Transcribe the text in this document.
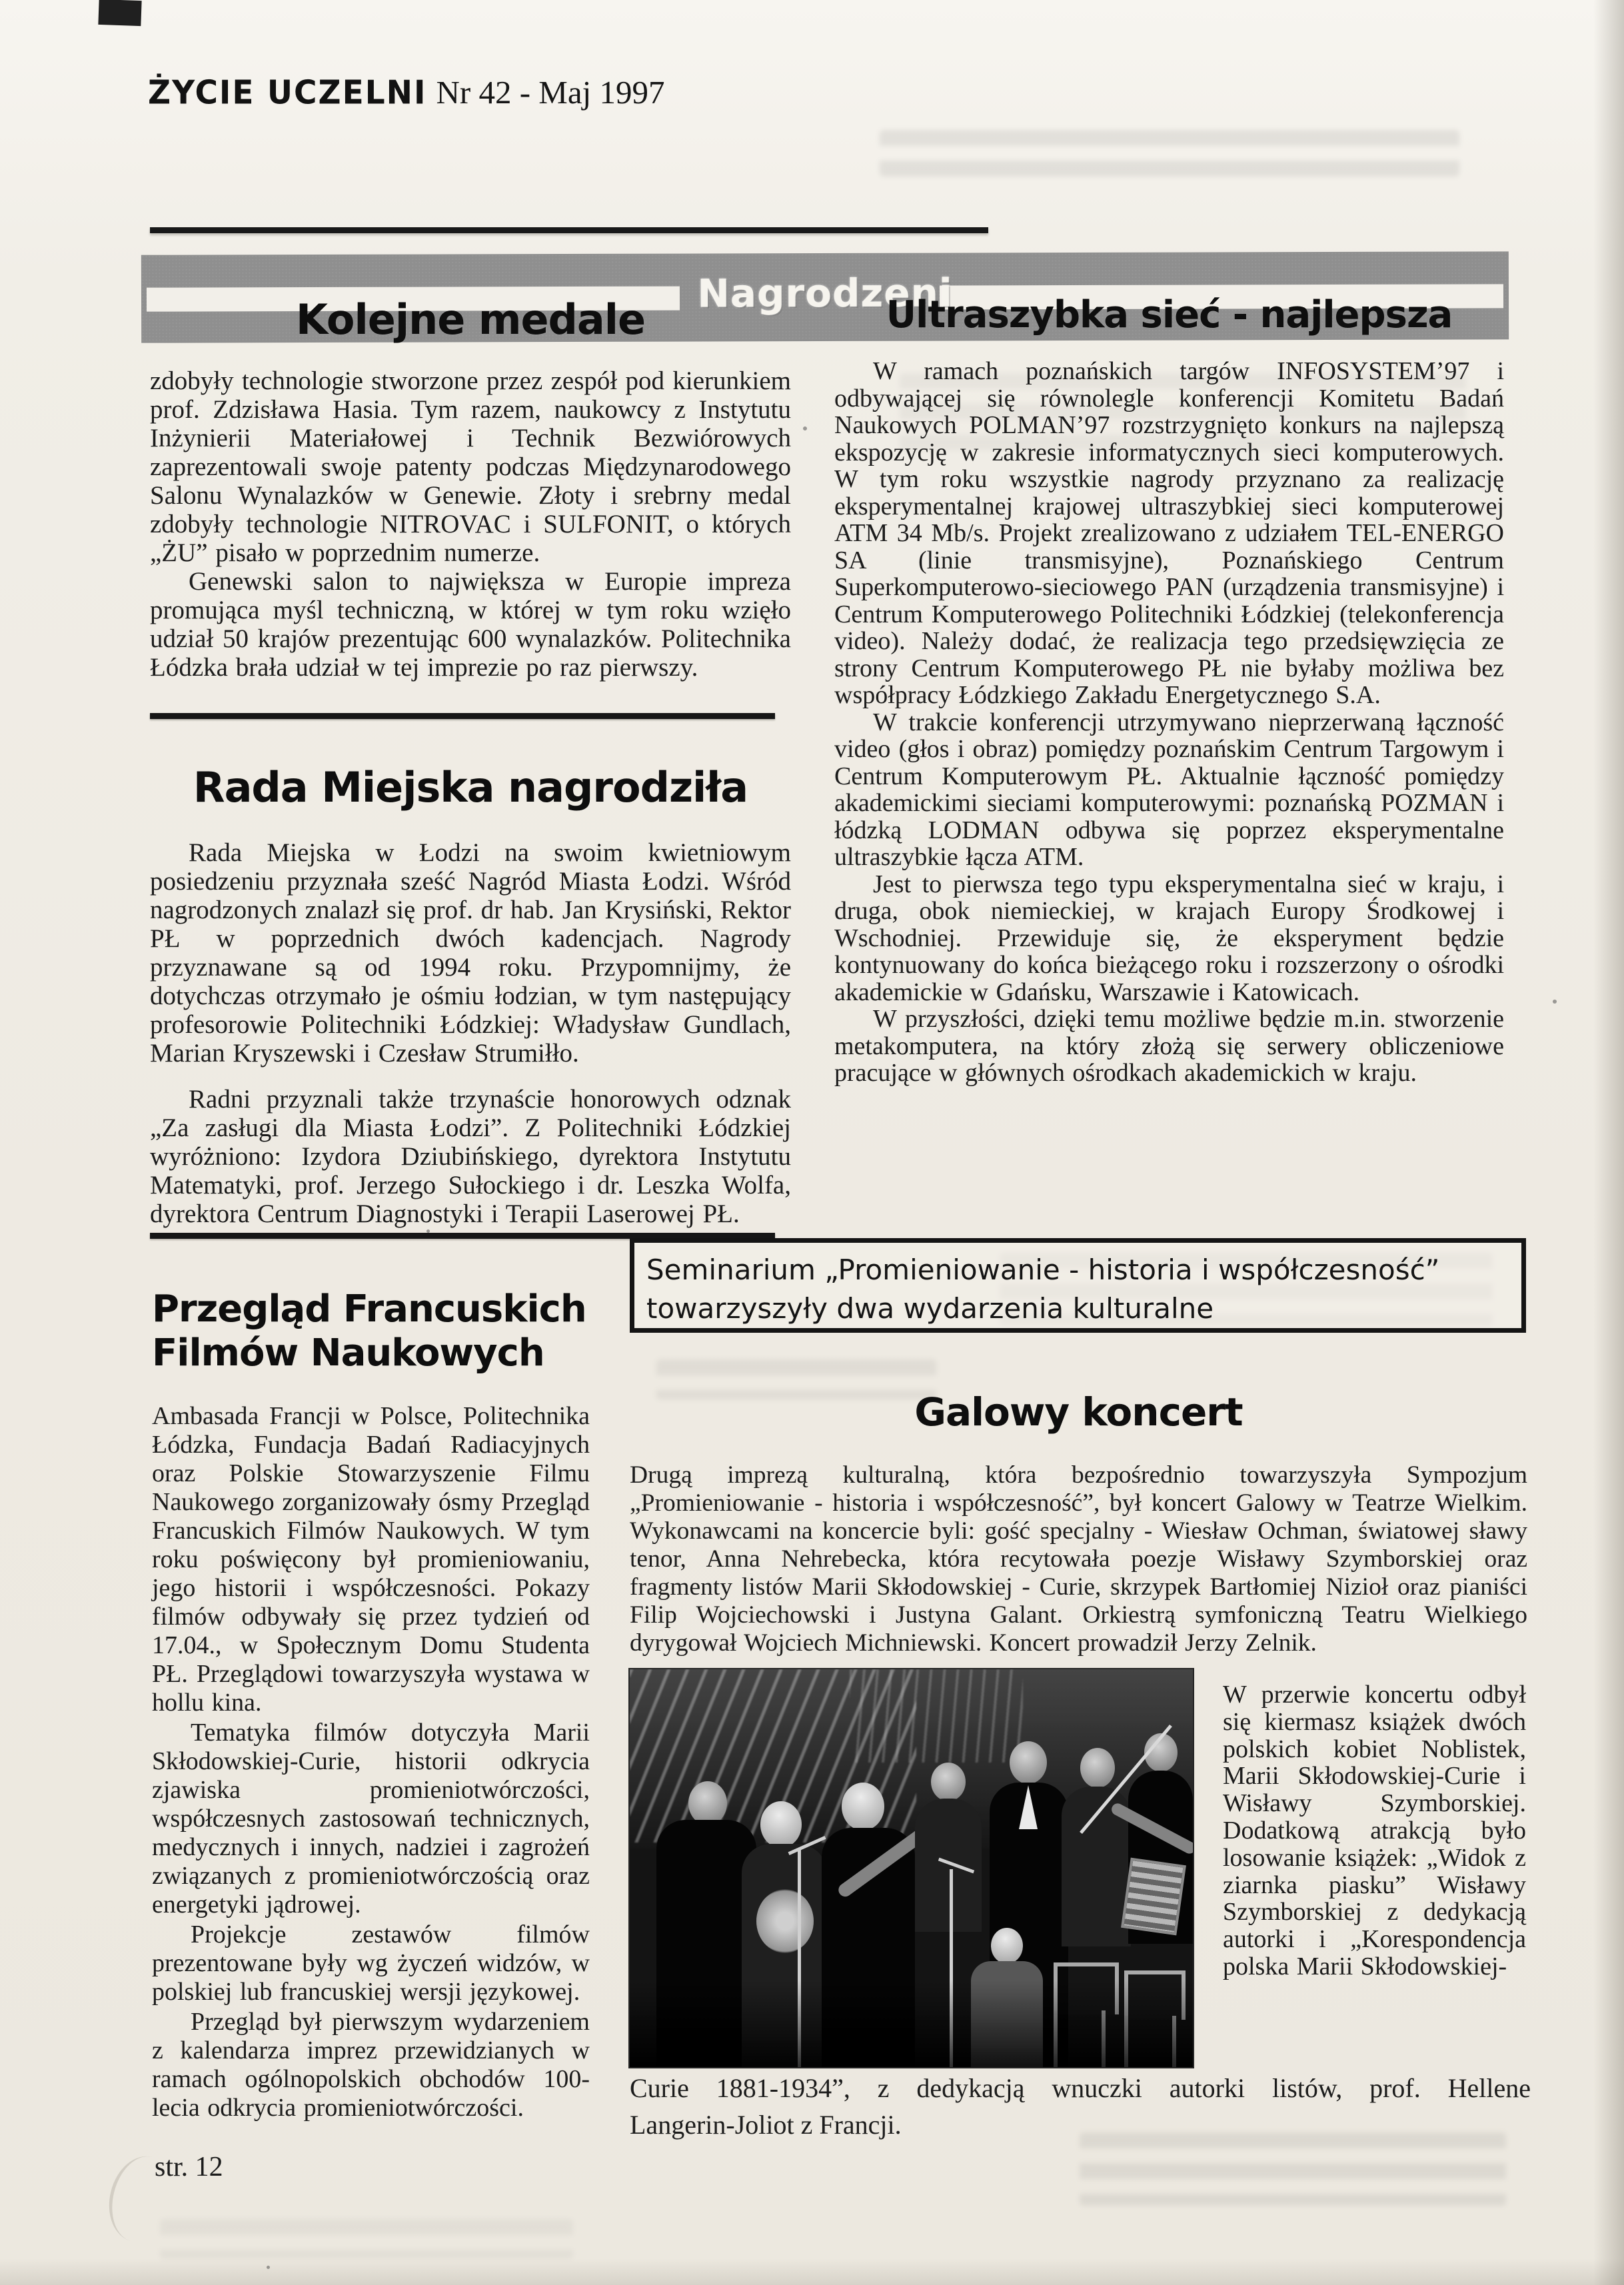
ŻYCIE UCZELNI Nr 42 - Maj 1997
Nagrodzeni
Kolejne medale

zdobyły technologie stworzone przez zespół pod kierunkiem prof. Zdzisława Hasia. Tym razem, naukowcy z Instytutu Inżynierii Materiałowej i Technik Bezwiórowych zaprezentowali swoje patenty podczas Międzynarodowego Salonu Wynalazków w Genewie. Złoty i srebrny medal zdobyły technologie NITROVAC i SULFONIT, o których „ŻU” pisało w poprzednim numerze.

Genewski salon to największa w Europie impreza promująca myśl techniczną, w której w tym roku wzięło udział 50 krajów prezentując 600 wynalazków. Politechnika Łódzka brała udział w tej imprezie po raz pierwszy.

Rada Miejska nagrodziła

Rada Miejska w Łodzi na swoim kwietniowym posiedzeniu przyznała sześć Nagród Miasta Łodzi. Wśród nagrodzonych znalazł się prof. dr hab. Jan Krysiński, Rektor PŁ w poprzednich dwóch kadencjach. Nagrody przyznawane są od 1994 roku. Przypomnijmy, że dotychczas otrzymało je ośmiu łodzian, w tym następujący profesorowie Politechniki Łódzkiej: Władysław Gundlach, Marian Kryszewski i Czesław Strumiłło.

Radni przyznali także trzynaście honorowych odznak „Za zasługi dla Miasta Łodzi”. Z Politechniki Łódzkiej wyróżniono: Izydora Dziubińskiego, dyrektora Instytutu Matematyki, prof. Jerzego Sułockiego i dr. Leszka Wolfa, dyrektora Centrum Diagnostyki i Terapii Laserowej PŁ.

Przegląd Francuskich
Filmów Naukowych

Ambasada Francji w Polsce, Politechnika Łódzka, Fundacja Badań Radiacyjnych oraz Polskie Stowarzyszenie Filmu Naukowego zorganizowały ósmy Przegląd Francuskich Filmów Naukowych. W tym roku poświęcony był promieniowaniu, jego historii i współczesności. Pokazy filmów odbywały się przez tydzień od 17.04., w Społecznym Domu Studenta PŁ. Przeglądowi towarzyszyła wystawa w hollu kina.

Tematyka filmów dotyczyła Marii Skłodowskiej-Curie, historii odkrycia zjawiska promieniotwórczości, współczesnych zastosowań technicznych, medycznych i innych, nadziei i zagrożeń związanych z promieniotwórczością oraz energetyki jądrowej.

Projekcje zestawów filmów prezentowane były wg życzeń widzów, w polskiej lub francuskiej wersji językowej.

Przegląd był pierwszym wydarzeniem z kalendarza imprez przewidzianych w ramach ogólnopolskich obchodów 100-lecia odkrycia promieniotwórczości.

Ultraszybka sieć - najlepsza

W ramach poznańskich targów INFOSYSTEM’97 i odbywającej się równolegle konferencji Komitetu Badań Naukowych POLMAN’97 rozstrzygnięto konkurs na najlepszą ekspozycję w zakresie informatycznych sieci komputerowych. W tym roku wszystkie nagrody przyznano za realizację eksperymentalnej krajowej ultraszybkiej sieci komputerowej ATM 34 Mb/s. Projekt zrealizowano z udziałem TEL-ENERGO SA (linie transmisyjne), Poznańskiego Centrum Superkomputerowo-sieciowego PAN (urządzenia transmisyjne) i Centrum Komputerowego Politechniki Łódzkiej (telekonferencja video). Należy dodać, że realizacja tego przedsięwzięcia ze strony Centrum Komputerowego PŁ nie byłaby możliwa bez współpracy Łódzkiego Zakładu Energetycznego S.A.

W trakcie konferencji utrzymywano nieprzerwaną łączność video (głos i obraz) pomiędzy poznańskim Centrum Targowym i Centrum Komputerowym PŁ. Aktualnie łączność pomiędzy akademickimi sieciami komputerowymi: poznańską POZMAN i łódzką LODMAN odbywa się poprzez eksperymentalne ultraszybkie łącza ATM.

Jest to pierwsza tego typu eksperymentalna sieć w kraju, i druga, obok niemieckiej, w krajach Europy Środkowej i Wschodniej. Przewiduje się, że eksperyment będzie kontynuowany do końca bieżącego roku i rozszerzony o ośrodki akademickie w Gdańsku, Warszawie i Katowicach.

W przyszłości, dzięki temu możliwe będzie m.in. stworzenie metakomputera, na który złożą się serwery obliczeniowe pracujące w głównych ośrodkach akademickich w kraju.

Seminarium „Promieniowanie - historia i współczesność”
towarzyszyły dwa wydarzenia kulturalne
Galowy koncert

Drugą imprezą kulturalną, która bezpośrednio towarzyszyła Sympozjum „Promieniowanie - historia i współczesność”, był koncert Galowy w Teatrze Wielkim. Wykonawcami na koncercie byli: gość specjalny - Wiesław Ochman, światowej sławy tenor, Anna Nehrebecka, która recytowała poezje Wisławy Szymborskiej oraz fragmenty listów Marii Skłodowskiej - Curie, skrzypek Bartłomiej Nizioł oraz pianiści Filip Wojciechowski i Justyna Galant. Orkiestrą symfoniczną Teatru Wielkiego dyrygował Wojciech Michniewski. Koncert prowadził Jerzy Zelnik.

W przerwie koncertu odbył się kiermasz książek dwóch polskich kobiet Noblistek, Marii Skłodowskiej-Curie i Wisławy Szymborskiej. Dodatkową atrakcją było losowanie książek: „Widok z ziarnka piasku” Wisławy Szymborskiej z dedykacją autorki i „Korespondencja polska Marii Skłodowskiej-

Curie 1881-1934”, z dedykacją wnuczki autorki listów, prof. Hellene
Langerin-Joliot z Francji.
str. 12
